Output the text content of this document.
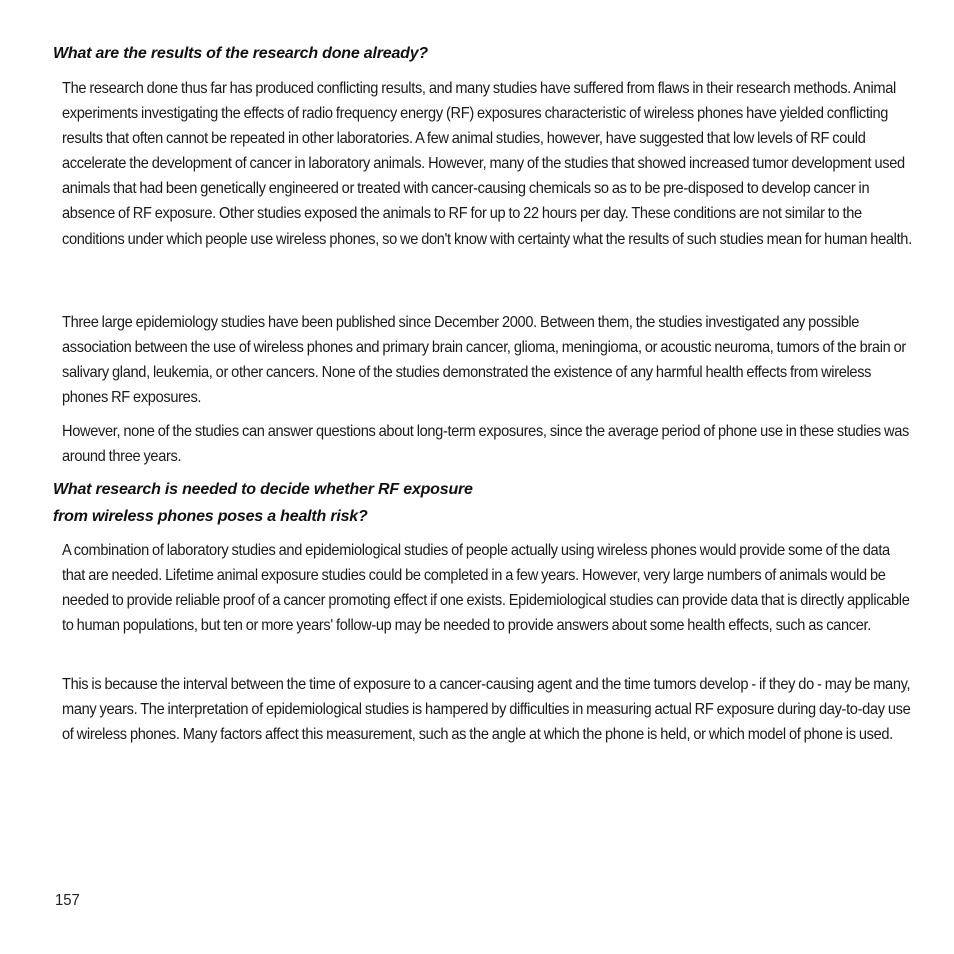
What are the results of the research done already?

The research done thus far has produced conflicting results, and many studies have suffered from flaws in their research methods. Animal experiments investigating the effects of radio frequency energy (RF) exposures characteristic of wireless phones have yielded conflicting results that often cannot be repeated in other laboratories. A few animal studies, however, have suggested that low levels of RF could accelerate the development of cancer in laboratory animals. However, many of the studies that showed increased tumor development used animals that had been genetically engineered or treated with cancer-causing chemicals so as to be pre-disposed to develop cancer in absence of RF exposure. Other studies exposed the animals to RF for up to 22 hours per day. These conditions are not similar to the conditions under which people use wireless phones, so we don't know with certainty what the results of such studies mean for human health.

Three large epidemiology studies have been published since December 2000. Between them, the studies investigated any possible association between the use of wireless phones and primary brain cancer, glioma, meningioma, or acoustic neuroma, tumors of the brain or salivary gland, leukemia, or other cancers. None of the studies demonstrated the existence of any harmful health effects from wireless phones RF exposures.

However, none of the studies can answer questions about long-term exposures, since the average period of phone use in these studies was around three years.

What research is needed to decide whether RF exposure
from wireless phones poses a health risk?

A combination of laboratory studies and epidemiological studies of people actually using wireless phones would provide some of the data that are needed. Lifetime animal exposure studies could be completed in a few years. However, very large numbers of animals would be needed to provide reliable proof of a cancer promoting effect if one exists. Epidemiological studies can provide data that is directly applicable to human populations, but ten or more years' follow-up may be needed to provide answers about some health effects, such as cancer.

This is because the interval between the time of exposure to a cancer-causing agent and the time tumors develop - if they do - may be many, many years. The interpretation of epidemiological studies is hampered by difficulties in measuring actual RF exposure during day-to-day use of wireless phones. Many factors affect this measurement, such as the angle at which the phone is held, or which model of phone is used.

157
